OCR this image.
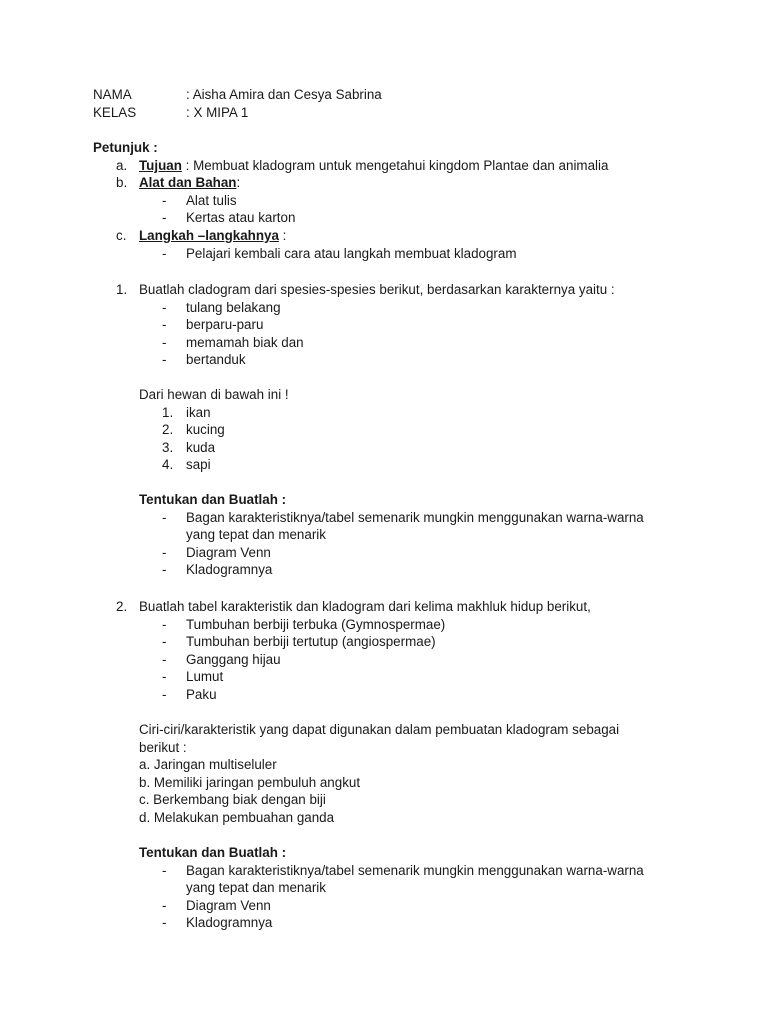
NAMA	: Aisha Amira dan Cesya Sabrina
KELAS	: X MIPA 1
Petunjuk :
a. Tujuan : Membuat kladogram untuk mengetahui kingdom Plantae dan animalia
b. Alat dan Bahan:
- Alat tulis
- Kertas atau karton
c. Langkah –langkahnya :
- Pelajari kembali cara atau langkah membuat kladogram
1. Buatlah cladogram dari spesies-spesies berikut, berdasarkan karakternya yaitu :
- tulang belakang
- berparu-paru
- memamah biak dan
- bertanduk
Dari hewan di bawah ini !
1. ikan
2. kucing
3. kuda
4. sapi
Tentukan dan Buatlah :
- Bagan karakteristiknya/tabel semenarik mungkin menggunakan warna-warna
yang tepat dan menarik
- Diagram Venn
- Kladogramnya
2. Buatlah tabel karakteristik dan kladogram dari kelima makhluk hidup berikut,
- Tumbuhan berbiji terbuka (Gymnospermae)
- Tumbuhan berbiji tertutup (angiospermae)
- Ganggang hijau
- Lumut
- Paku
Ciri-ciri/karakteristik yang dapat digunakan dalam pembuatan kladogram sebagai
berikut :
a. Jaringan multiseluler
b. Memiliki jaringan pembuluh angkut
c. Berkembang biak dengan biji
d. Melakukan pembuahan ganda
Tentukan dan Buatlah :
- Bagan karakteristiknya/tabel semenarik mungkin menggunakan warna-warna
yang tepat dan menarik
- Diagram Venn
- Kladogramnya
